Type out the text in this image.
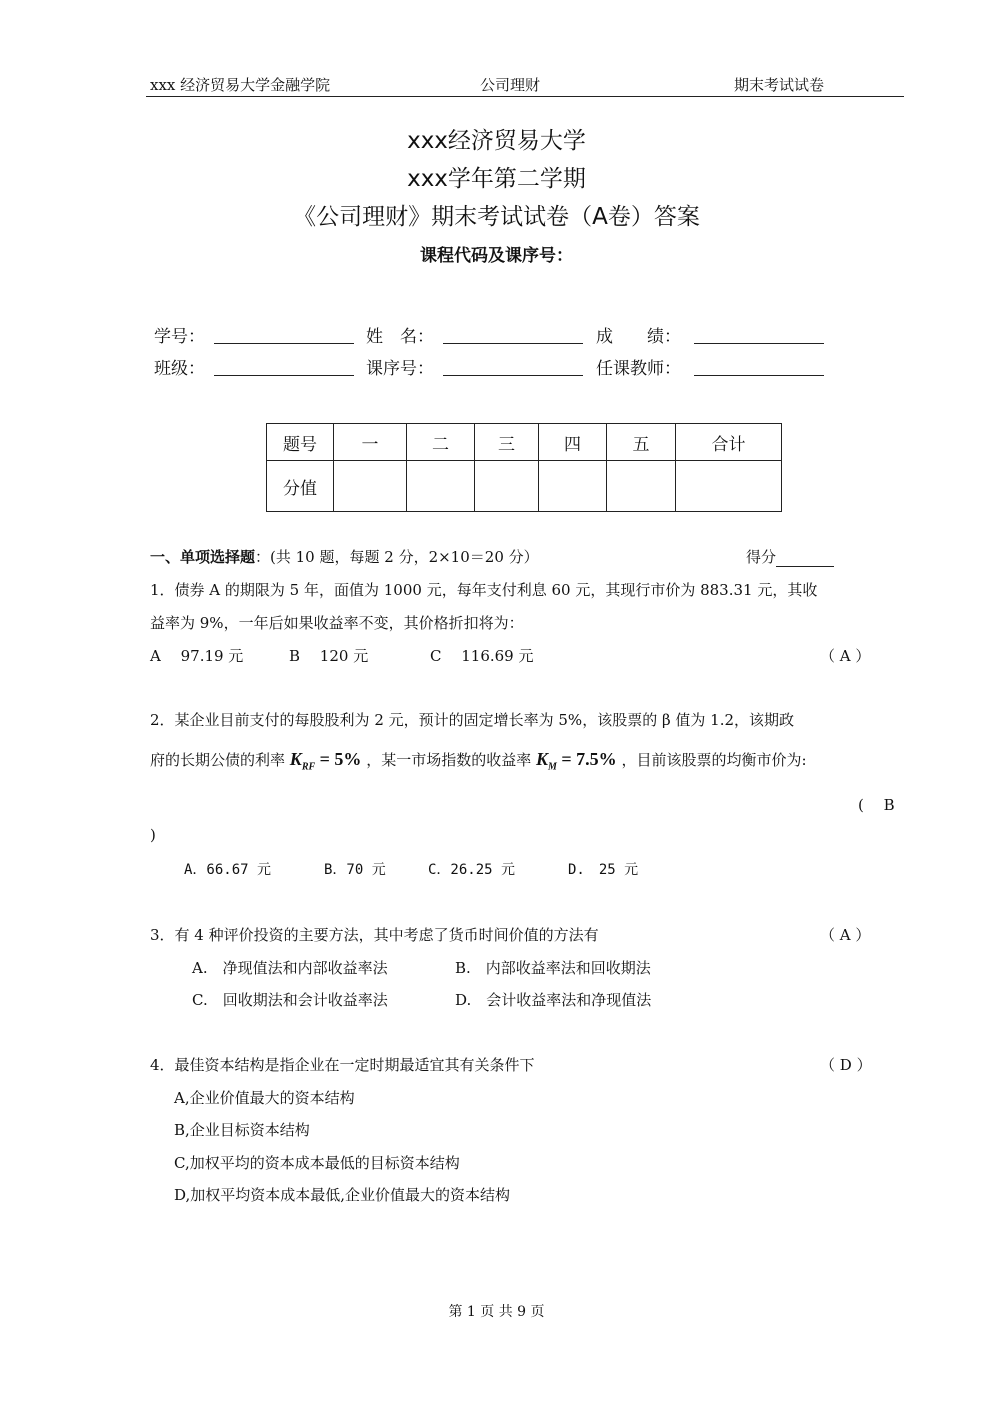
xxx 经济贸易大学金融学院	公司理财	期末考试试卷
xxx经济贸易大学
xxx学年第二学期
《公司理财》期末考试试卷（A卷）答案
课程代码及课序号：
学号：	姓　名：	成　　绩：
班级：	课序号：	任课教师：
题号	一	二	三	四	五	合计
分值						
一、单项选择题：(共 10 题，每题 2 分，2×10＝20 分）	得分
1．债券 A 的期限为 5 年，面值为 1000 元，每年支付利息 60 元，其现行市价为 883.31 元，其收
益率为 9%，一年后如果收益率不变，其价格折扣将为：
A　 97.19 元	B　 120 元	C　 116.69 元	（ A ）
2．某企业目前支付的每股股利为 2 元，预计的固定增长率为 5%，该股票的 β 值为 1.2，该期政
府的长期公债的利率 $K_{RF} = 5\%$ ，某一市场指数的收益率 $K_M = 7.5\%$ ，目前该股票的均衡市价为:
(　 B
)
A．66.67 元	B．70 元	C．26.25 元	D.　25 元
3．有 4 种评价投资的主要方法，其中考虑了货币时间价值的方法有	（ A ）
A.　净现值法和内部收益率法	B.　内部收益率法和回收期法
C.　回收期法和会计收益率法	D.　会计收益率法和净现值法
4．最佳资本结构是指企业在一定时期最适宜其有关条件下	（ D ）
A,企业价值最大的资本结构
B,企业目标资本结构
C,加权平均的资本成本最低的目标资本结构
D,加权平均资本成本最低,企业价值最大的资本结构
第 1 页 共 9 页
